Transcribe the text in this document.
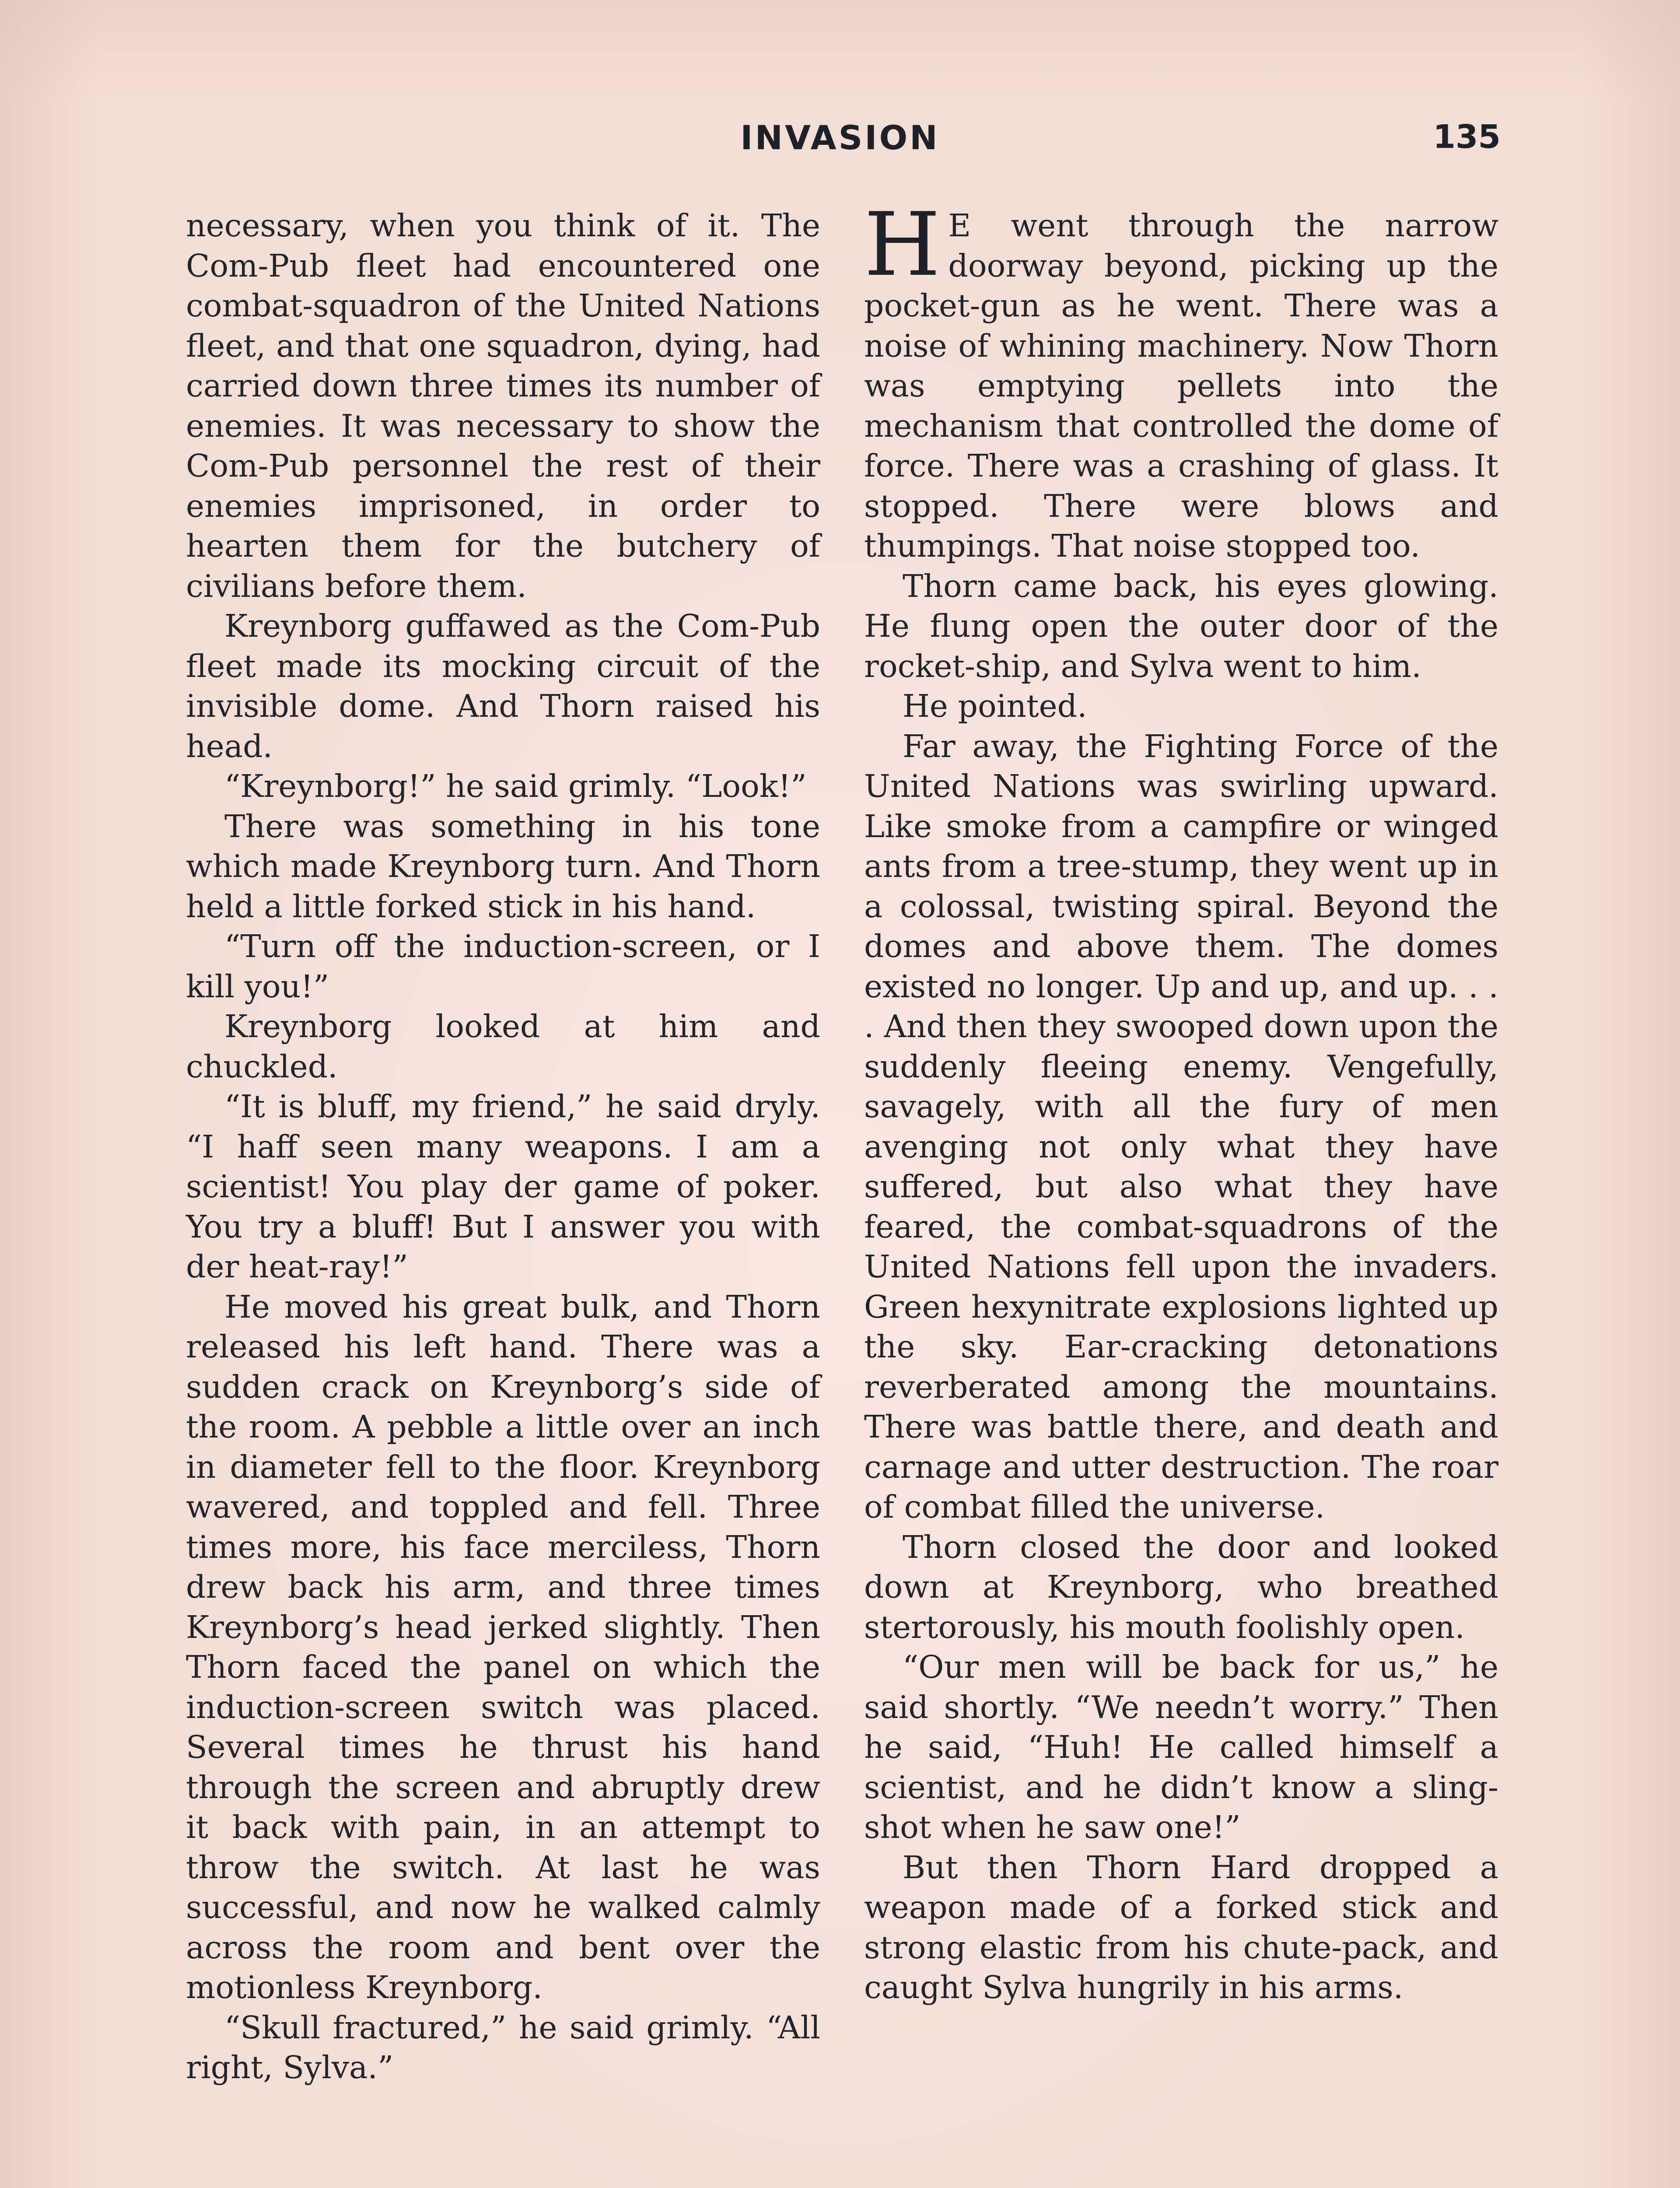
INVASION	135

necessary, when you think of it. The Com-Pub fleet had encountered one combat-squadron of the United Nations fleet, and that one squadron, dying, had carried down three times its number of enemies. It was necessary to show the Com-Pub personnel the rest of their enemies imprisoned, in order to hearten them for the butchery of civilians before them.

Kreynborg guffawed as the Com-Pub fleet made its mocking circuit of the invisible dome. And Thorn raised his head.

“Kreynborg!” he said grimly. “Look!”

There was something in his tone which made Kreynborg turn. And Thorn held a little forked stick in his hand.

“Turn off the induction-screen, or I kill you!”

Kreynborg looked at him and chuckled.

“It is bluff, my friend,” he said dryly. “I haff seen many weapons. I am a scientist! You play der game of poker. You try a bluff! But I answer you with der heat-ray!”

He moved his great bulk, and Thorn released his left hand. There was a sudden crack on Kreynborg’s side of the room. A pebble a little over an inch in diameter fell to the floor. Kreynborg wavered, and toppled and fell. Three times more, his face merciless, Thorn drew back his arm, and three times Kreynborg’s head jerked slightly. Then Thorn faced the panel on which the induction-screen switch was placed. Several times he thrust his hand through the screen and abruptly drew it back with pain, in an attempt to throw the switch. At last he was successful, and now he walked calmly across the room and bent over the motionless Kreynborg.

“Skull fractured,” he said grimly. “All right, Sylva.”

H E went through the narrow doorway beyond, picking up the pocket-gun as he went. There was a noise of whining machinery. Now Thorn was emptying pellets into the mechanism that controlled the dome of force. There was a crashing of glass. It stopped. There were blows and thumpings. That noise stopped too.

Thorn came back, his eyes glowing. He flung open the outer door of the rocket-ship, and Sylva went to him.

He pointed.

Far away, the Fighting Force of the United Nations was swirling upward. Like smoke from a campfire or winged ants from a tree-stump, they went up in a colossal, twisting spiral. Beyond the domes and above them. The domes existed no longer. Up and up, and up. . . . And then they swooped down upon the suddenly fleeing enemy. Vengefully, savagely, with all the fury of men avenging not only what they have suffered, but also what they have feared, the combat-squadrons of the United Nations fell upon the invaders. Green hexynitrate explosions lighted up the sky. Ear-cracking detonations reverberated among the mountains. There was battle there, and death and carnage and utter destruction. The roar of combat filled the universe.

Thorn closed the door and looked down at Kreynborg, who breathed stertorously, his mouth foolishly open.

“Our men will be back for us,” he said shortly. “We needn’t worry.” Then he said, “Huh! He called himself a scientist, and he didn’t know a sling-shot when he saw one!”

But then Thorn Hard dropped a weapon made of a forked stick and strong elastic from his chute-pack, and caught Sylva hungrily in his arms.
